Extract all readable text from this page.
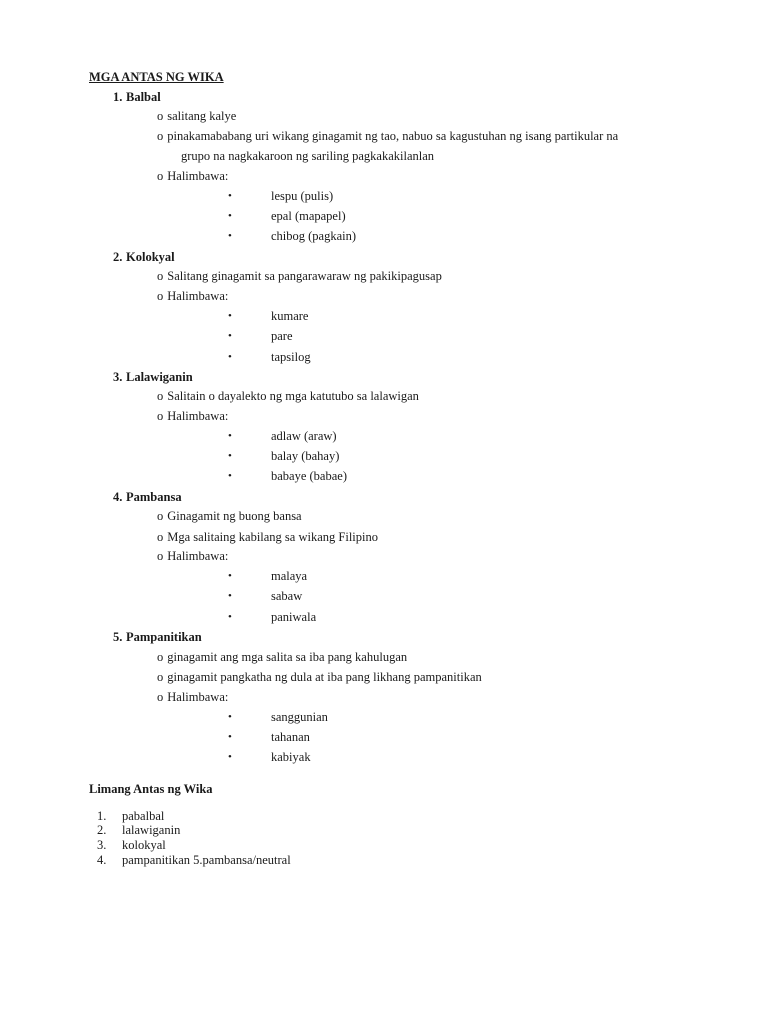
MGA ANTAS NG WIKA
1. Balbal
o salitang kalye
o pinakamababang uri wikang ginagamit ng tao, nabuo sa kagustuhan ng isang partikular na
grupo na nagkakaroon ng sariling pagkakakilanlan
o Halimbawa:
•	lespu (pulis)
•	epal (mapapel)
•	chibog (pagkain)
2. Kolokyal
o Salitang ginagamit sa pangarawaraw ng pakikipagusap
o Halimbawa:
•	kumare
•	pare
•	tapsilog
3. Lalawiganin
o Salitain o dayalekto ng mga katutubo sa lalawigan
o Halimbawa:
•	adlaw (araw)
•	balay (bahay)
•	babaye (babae)
4. Pambansa
o Ginagamit ng buong bansa
o Mga salitaing kabilang sa wikang Filipino
o Halimbawa:
•	malaya
•	sabaw
•	paniwala
5. Pampanitikan
o ginagamit ang mga salita sa iba pang kahulugan
o ginagamit pangkatha ng dula at iba pang likhang pampanitikan
o Halimbawa:
•	sanggunian
•	tahanan
•	kabiyak
Limang Antas ng Wika
1. pabalbal
2. lalawiganin
3. kolokyal
4. pampanitikan 5.pambansa/neutral
